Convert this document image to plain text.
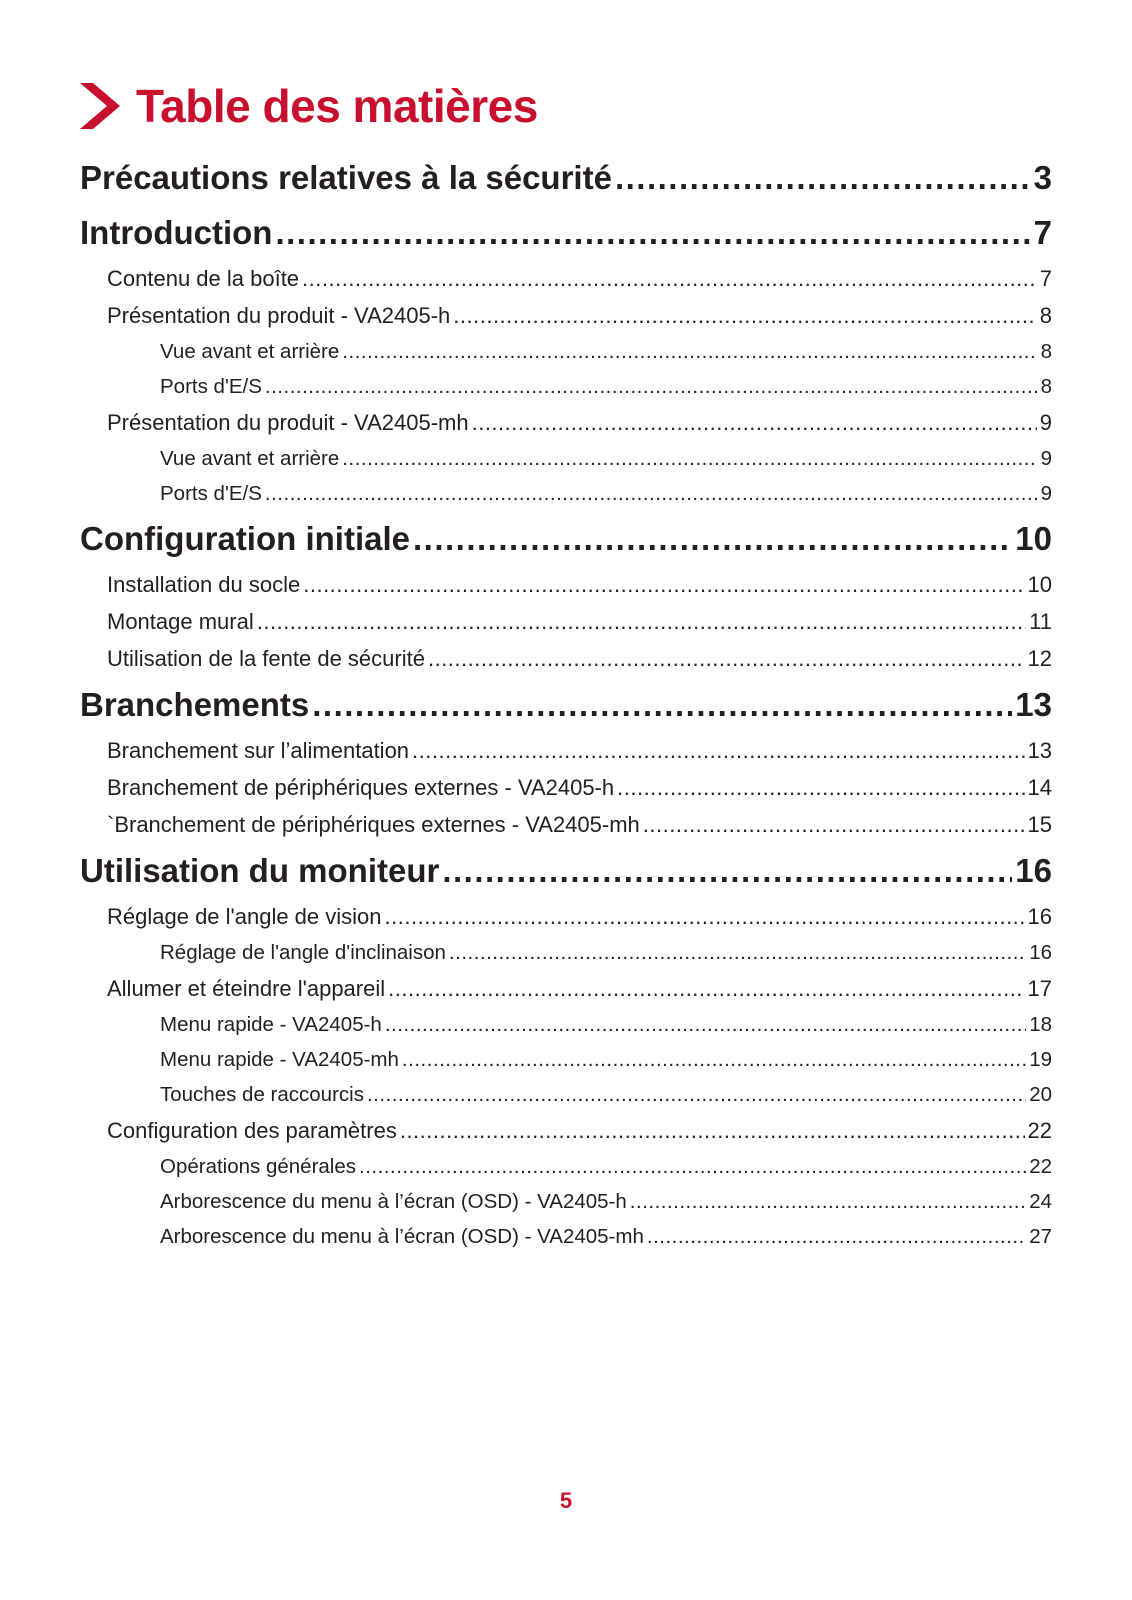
Table des matières
Précautions relatives à la sécurité .....	3
Introduction .....	7
Contenu de la boîte .....	7
Présentation du produit - VA2405-h .....	8
Vue avant et arrière .....	8
Ports d'E/S .....	8
Présentation du produit - VA2405-mh .....	9
Vue avant et arrière .....	9
Ports d'E/S .....	9
Configuration initiale .....	10
Installation du socle .....	10
Montage mural .....	11
Utilisation de la fente de sécurité .....	12
Branchements .....	13
Branchement sur l’alimentation .....	13
Branchement de périphériques externes - VA2405-h .....	14
`Branchement de périphériques externes - VA2405-mh .....	15
Utilisation du moniteur .....	16
Réglage de l'angle de vision .....	16
Réglage de l'angle d'inclinaison .....	16
Allumer et éteindre l'appareil .....	17
Menu rapide - VA2405-h .....	18
Menu rapide - VA2405-mh .....	19
Touches de raccourcis .....	20
Configuration des paramètres .....	22
Opérations générales .....	22
Arborescence du menu à l’écran (OSD) - VA2405-h .....	24
Arborescence du menu à l’écran (OSD) - VA2405-mh .....	27
5
